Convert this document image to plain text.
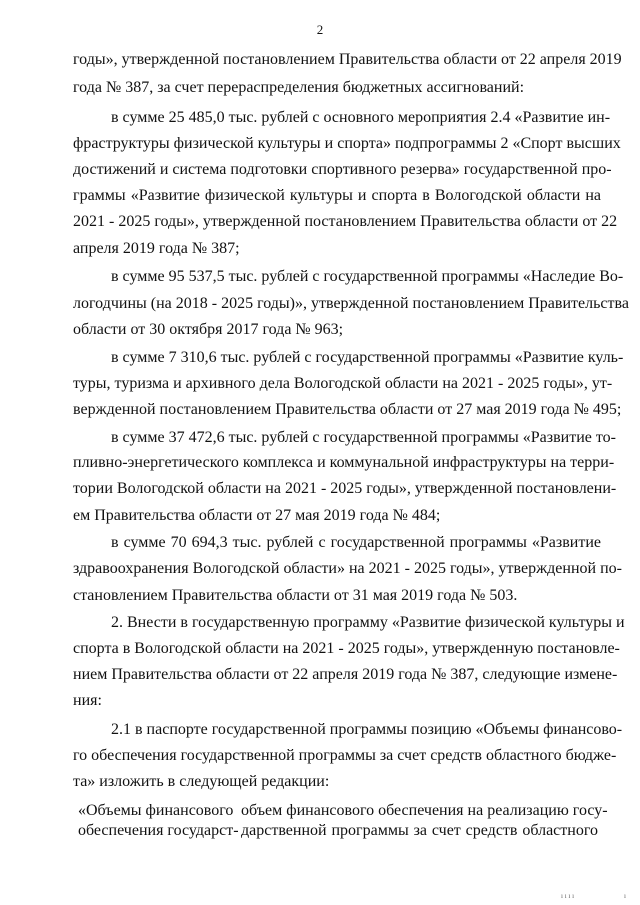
2
годы», утвержденной постановлением Правительства области от 22 апреля 2019
года № 387, за счет перераспределения бюджетных ассигнований:
в сумме 25 485,0 тыс. рублей с основного мероприятия 2.4 «Развитие ин-
фраструктуры физической культуры и спорта» подпрограммы 2 «Спорт высших
достижений и система подготовки спортивного резерва» государственной про-
граммы «Развитие физической культуры и спорта в Вологодской области на
2021 - 2025 годы», утвержденной постановлением Правительства области от 22
апреля 2019 года № 387;
в сумме 95 537,5 тыс. рублей с государственной программы «Наследие Во-
логодчины (на 2018 - 2025 годы)», утвержденной постановлением Правительства
области от 30 октября 2017 года № 963;
в сумме 7 310,6 тыс. рублей с государственной программы «Развитие куль-
туры, туризма и архивного дела Вологодской области на 2021 - 2025 годы», ут-
вержденной постановлением Правительства области от 27 мая 2019 года № 495;
в сумме 37 472,6 тыс. рублей с государственной программы «Развитие то-
пливно-энергетического комплекса и коммунальной инфраструктуры на терри-
тории Вологодской области на 2021 - 2025 годы», утвержденной постановлени-
ем Правительства области от 27 мая 2019 года № 484;
в сумме 70 694,3 тыс. рублей с государственной программы «Развитие
здравоохранения Вологодской области» на 2021 - 2025 годы», утвержденной по-
становлением Правительства области от 31 мая 2019 года № 503.
2. Внести в государственную программу «Развитие физической культуры и
спорта в Вологодской области на 2021 - 2025 годы», утвержденную постановле-
нием Правительства области от 22 апреля 2019 года № 387, следующие измене-
ния:
2.1 в паспорте государственной программы позицию «Объемы финансово-
го обеспечения государственной программы за счет средств областного бюдже-
та» изложить в следующей редакции:
«Объемы финансового объем финансового обеспечения на реализацию госу-
обеспечения государст- дарственной программы за счет средств областного
ı ı ı ı	ı
